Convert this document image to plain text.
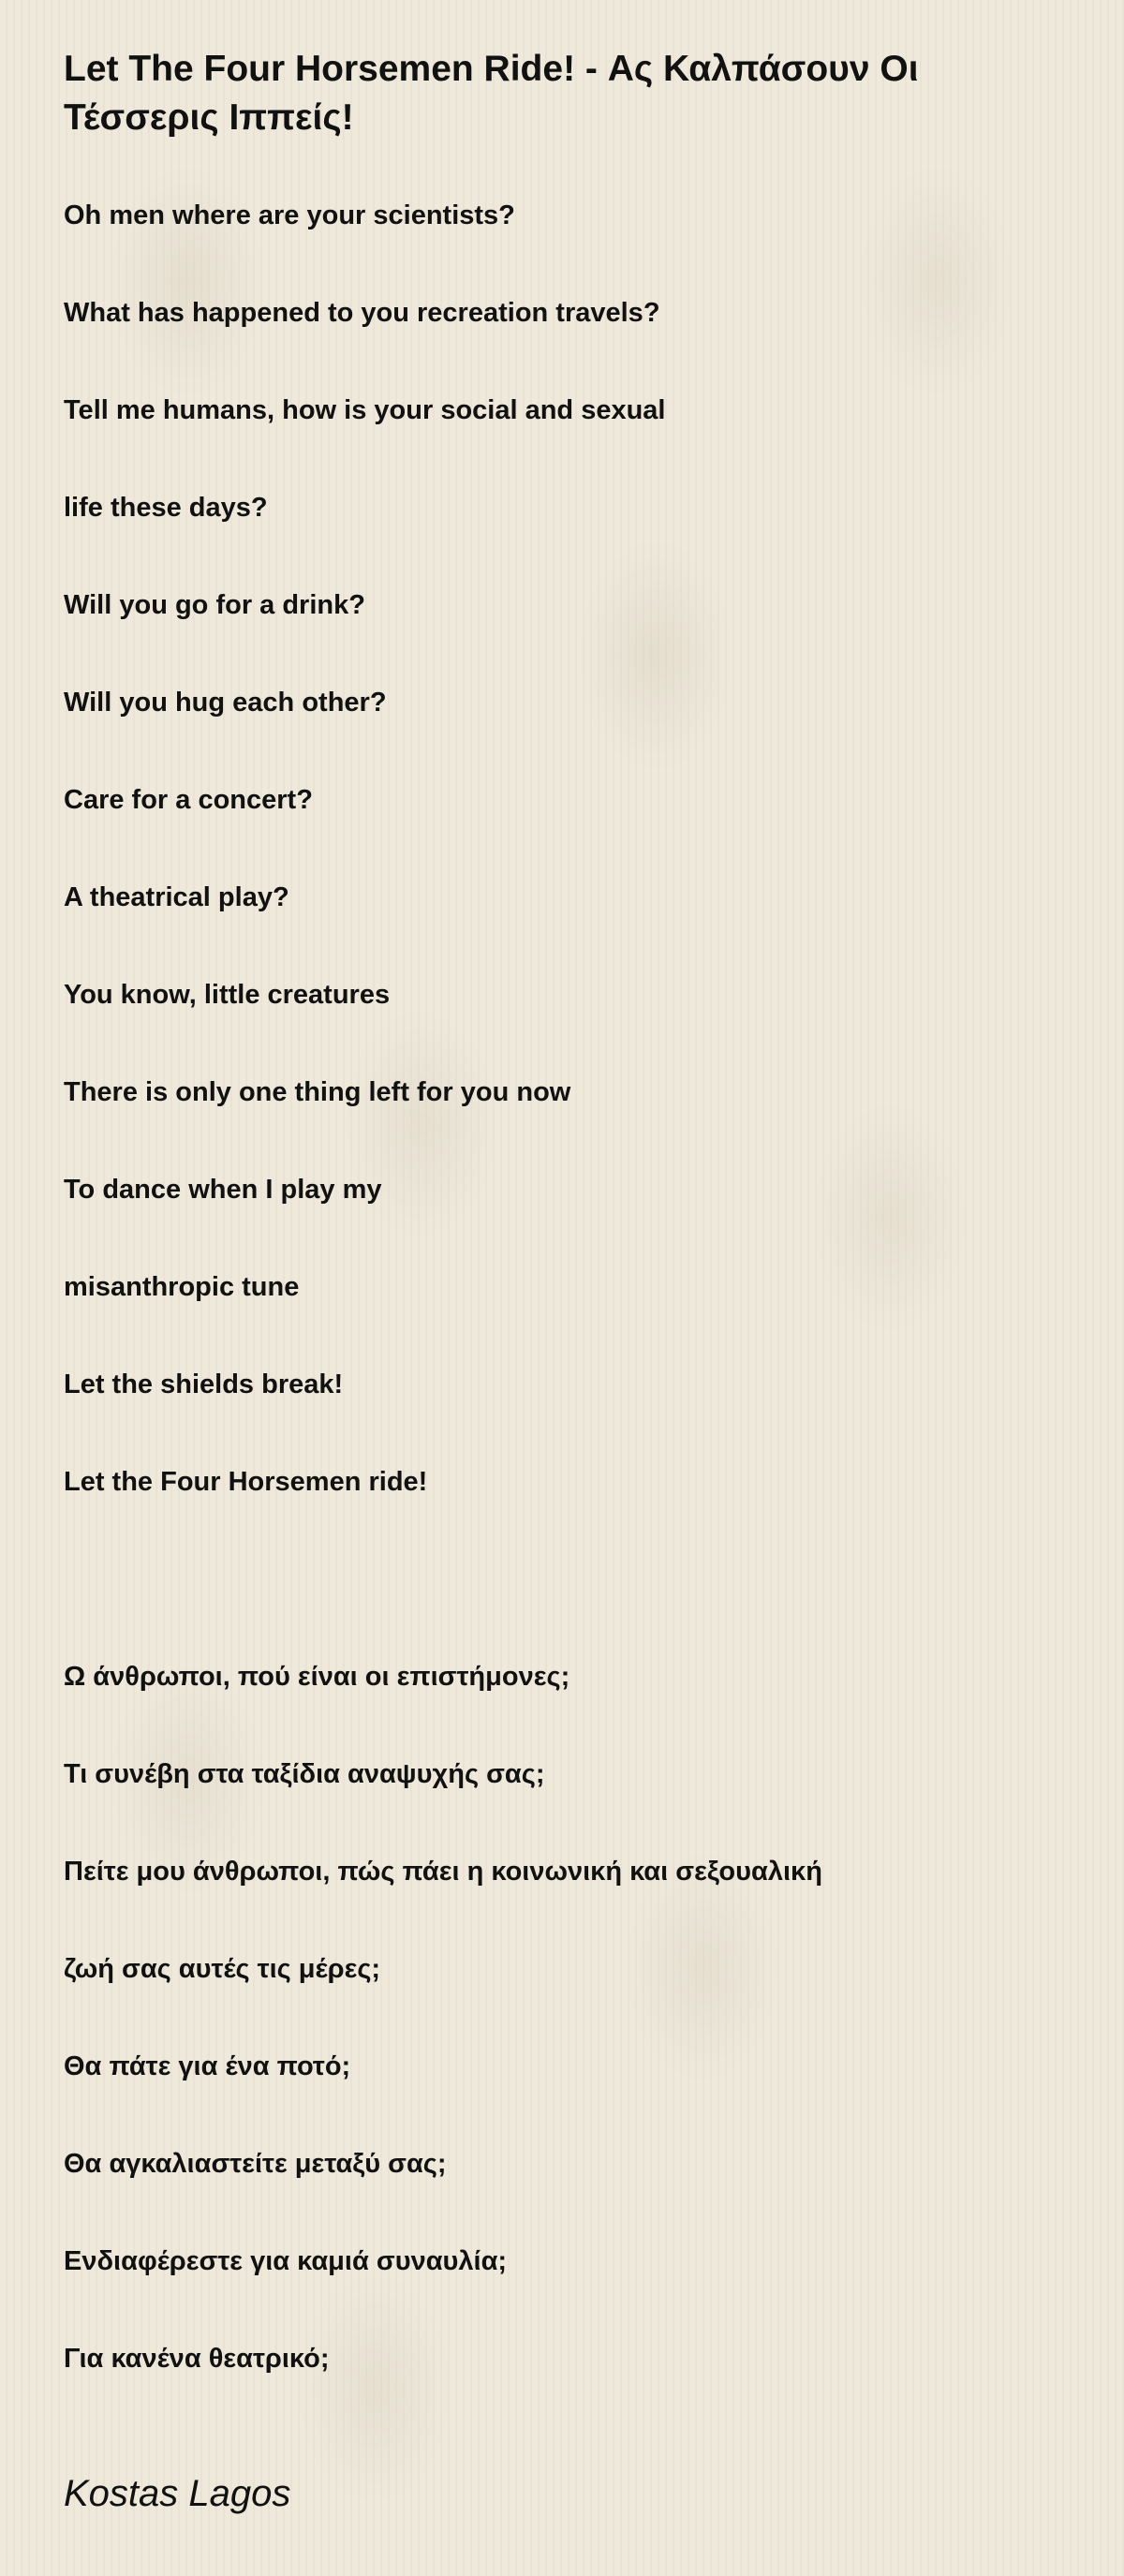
Let The Four Horsemen Ride! - Ας Καλπάσουν Οι Τέσσερις Ιππείς!
Oh men where are your scientists?
What has happened to you recreation travels?
Tell me humans, how is your social and sexual
life these days?
Will you go for a drink?
Will you hug each other?
Care for a concert?
A theatrical play?
You know, little creatures
There is only one thing left for you now
To dance when I play my
misanthropic tune
Let the shields break!
Let the Four Horsemen ride!
Ω άνθρωποι, πού είναι οι επιστήμονες;
Τι συνέβη στα ταξίδια αναψυχής σας;
Πείτε μου άνθρωποι, πώς πάει η κοινωνική και σεξουαλική
ζωή σας αυτές τις μέρες;
Θα πάτε για ένα ποτό;
Θα αγκαλιαστείτε μεταξύ σας;
Ενδιαφέρεστε για καμιά συναυλία;
Για κανένα θεατρικό;
Kostas Lagos
